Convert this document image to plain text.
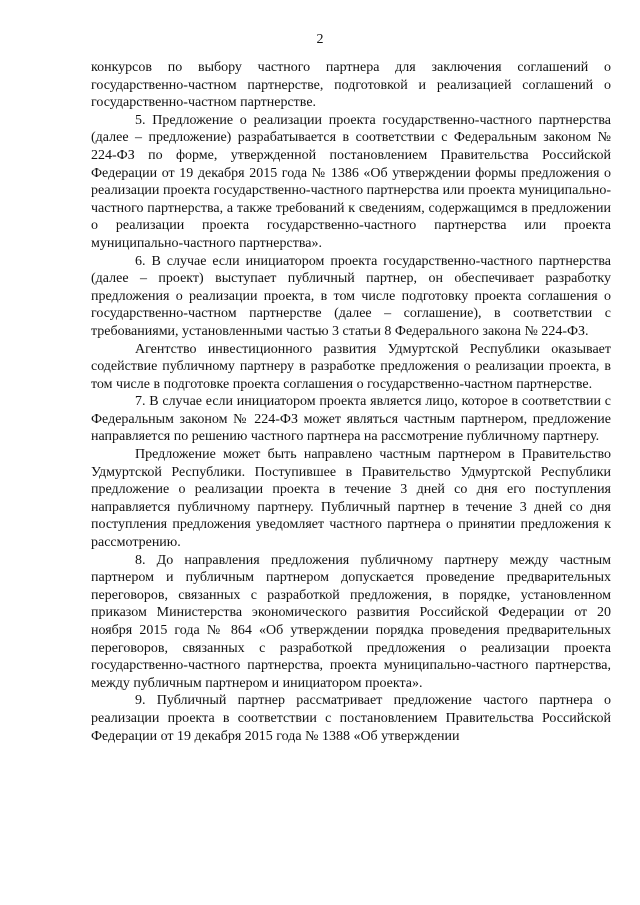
2

конкурсов по выбору частного партнера для заключения соглашений о государственно-частном партнерстве, подготовкой и реализацией соглашений о государственно-частном партнерстве.

5. Предложение о реализации проекта государственно-частного партнерства (далее – предложение) разрабатывается в соответствии с Федеральным законом № 224-ФЗ по форме, утвержденной постановлением Правительства Российской Федерации от 19 декабря 2015 года № 1386 «Об утверждении формы предложения о реализации проекта государственно-частного партнерства или проекта муниципально-частного партнерства, а также требований к сведениям, содержащимся в предложении о реализации проекта государственно-частного партнерства или проекта муниципально-частного партнерства».

6. В случае если инициатором проекта государственно-частного партнерства (далее – проект) выступает публичный партнер, он обеспечивает разработку предложения о реализации проекта, в том числе подготовку проекта соглашения о государственно-частном партнерстве (далее – соглашение), в соответствии с требованиями, установленными частью 3 статьи 8 Федерального закона № 224-ФЗ.

Агентство инвестиционного развития Удмуртской Республики оказывает содействие публичному партнеру в разработке предложения о реализации проекта, в том числе в подготовке проекта соглашения о государственно-частном партнерстве.

7. В случае если инициатором проекта является лицо, которое в соответствии с Федеральным законом № 224-ФЗ может являться частным партнером, предложение направляется по решению частного партнера на рассмотрение публичному партнеру.

Предложение может быть направлено частным партнером в Правительство Удмуртской Республики. Поступившее в Правительство Удмуртской Республики предложение о реализации проекта в течение 3 дней со дня его поступления направляется публичному партнеру. Публичный партнер в течение 3 дней со дня поступления предложения уведомляет частного партнера о принятии предложения к рассмотрению.

8. До направления предложения публичному партнеру между частным партнером и публичным партнером допускается проведение предварительных переговоров, связанных с разработкой предложения, в порядке, установленном приказом Министерства экономического развития Российской Федерации от 20 ноября 2015 года № 864 «Об утверждении порядка проведения предварительных переговоров, связанных с разработкой предложения о реализации проекта государственно-частного партнерства, проекта муниципально-частного партнерства, между публичным партнером и инициатором проекта».

9. Публичный партнер рассматривает предложение частого партнера о реализации проекта в соответствии с постановлением Правительства Российской Федерации от 19 декабря 2015 года № 1388 «Об утверждении
